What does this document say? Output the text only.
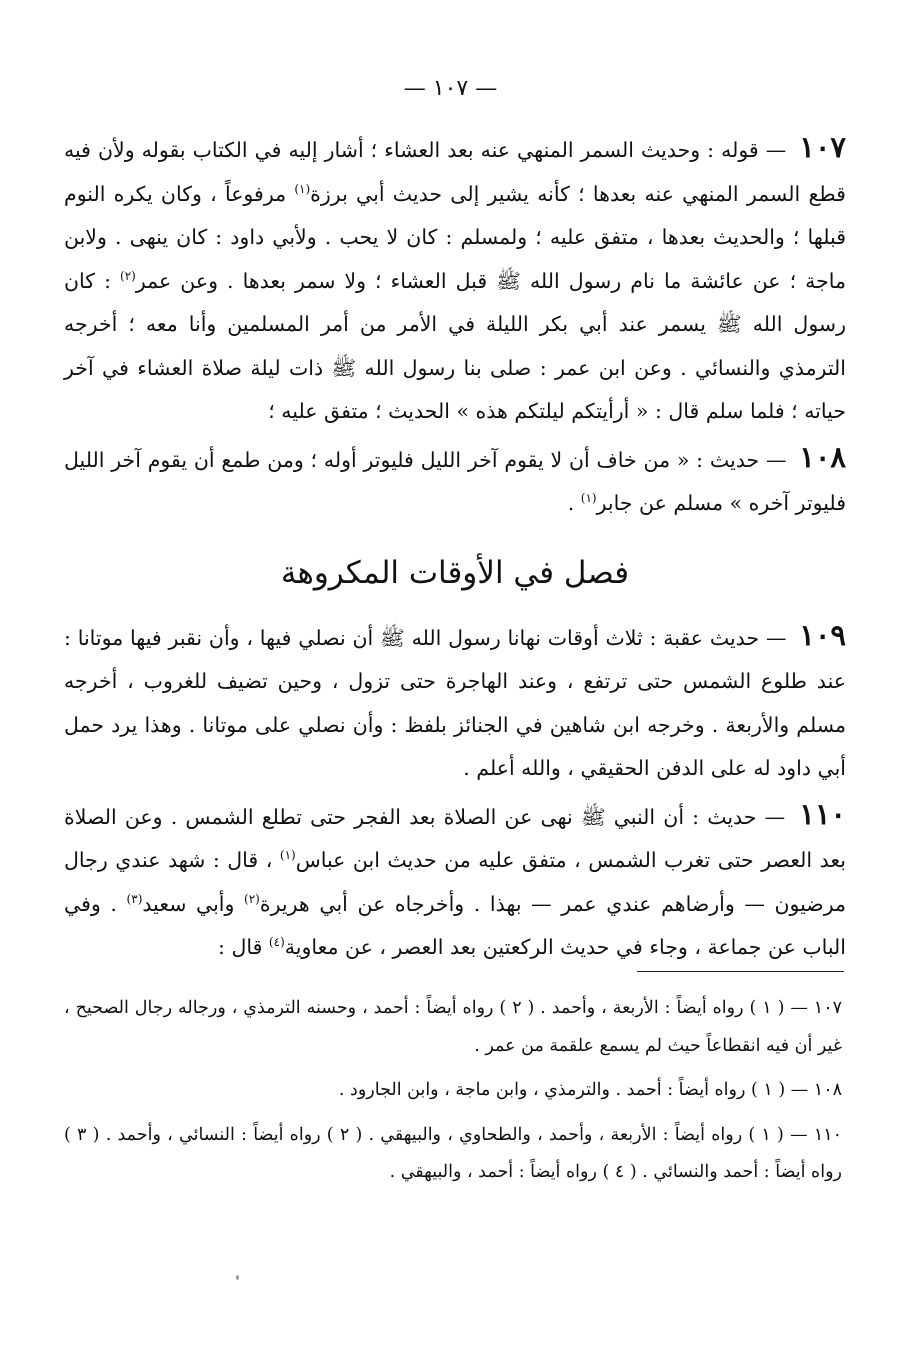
— ١٠٧ —

١٠٧ — قوله : وحديث السمر المنهي عنه بعد العشاء ؛ أشار إليه في الكتاب بقوله ولأن فيه قطع السمر المنهي عنه بعدها ؛ كأنه يشير إلى حديث أبي برزة$^{(١)}$ مرفوعاً ، وكان يكره النوم قبلها ؛ والحديث بعدها ، متفق عليه ؛ ولمسلم : كان لا يحب . ولأبي داود : كان ينهى . ولابن ماجة ؛ عن عائشة ما نام رسول الله ﷺ قبل العشاء ؛ ولا سمر بعدها . وعن عمر$^{(٢)}$ : كان رسول الله ﷺ يسمر عند أبي بكر الليلة في الأمر من أمر المسلمين وأنا معه ؛ أخرجه الترمذي والنسائي . وعن ابن عمر : صلى بنا رسول الله ﷺ ذات ليلة صلاة العشاء في آخر حياته ؛ فلما سلم قال : « أرأيتكم ليلتكم هذه » الحديث ؛ متفق عليه ؛

١٠٨ — حديث : « من خاف أن لا يقوم آخر الليل فليوتر أوله ؛ ومن طمع أن يقوم آخر الليل فليوتر آخره » مسلم عن جابر$^{(١)}$ .

فصل في الأوقات المكروهة

١٠٩ — حديث عقبة : ثلاث أوقات نهانا رسول الله ﷺ أن نصلي فيها ، وأن نقبر فيها موتانا : عند طلوع الشمس حتى ترتفع ، وعند الهاجرة حتى تزول ، وحين تضيف للغروب ، أخرجه مسلم والأربعة . وخرجه ابن شاهين في الجنائز بلفظ : وأن نصلي على موتانا . وهذا يرد حمل أبي داود له على الدفن الحقيقي ، والله أعلم .

١١٠ — حديث : أن النبي ﷺ نهى عن الصلاة بعد الفجر حتى تطلع الشمس . وعن الصلاة بعد العصر حتى تغرب الشمس ، متفق عليه من حديث ابن عباس$^{(١)}$ ، قال : شهد عندي رجال مرضيون — وأرضاهم عندي عمر — بهذا . وأخرجاه عن أبي هريرة$^{(٢)}$ وأبي سعيد$^{(٣)}$ . وفي الباب عن جماعة ، وجاء في حديث الركعتين بعد العصر ، عن معاوية$^{(٤)}$ قال :

١٠٧ — ( ١ ) رواه أيضاً : الأربعة ، وأحمد . ( ٢ ) رواه أيضاً : أحمد ، وحسنه الترمذي ، ورجاله رجال الصحيح ، غير أن فيه انقطاعاً حيث لم يسمع علقمة من عمر .

١٠٨ — ( ١ ) رواه أيضاً : أحمد . والترمذي ، وابن ماجة ، وابن الجارود .

١١٠ — ( ١ ) رواه أيضاً : الأربعة ، وأحمد ، والطحاوي ، والبيهقي . ( ٢ ) رواه أيضاً : النسائي ، وأحمد . ( ٣ ) رواه أيضاً : أحمد والنسائي . ( ٤ ) رواه أيضاً : أحمد ، والبيهقي .
